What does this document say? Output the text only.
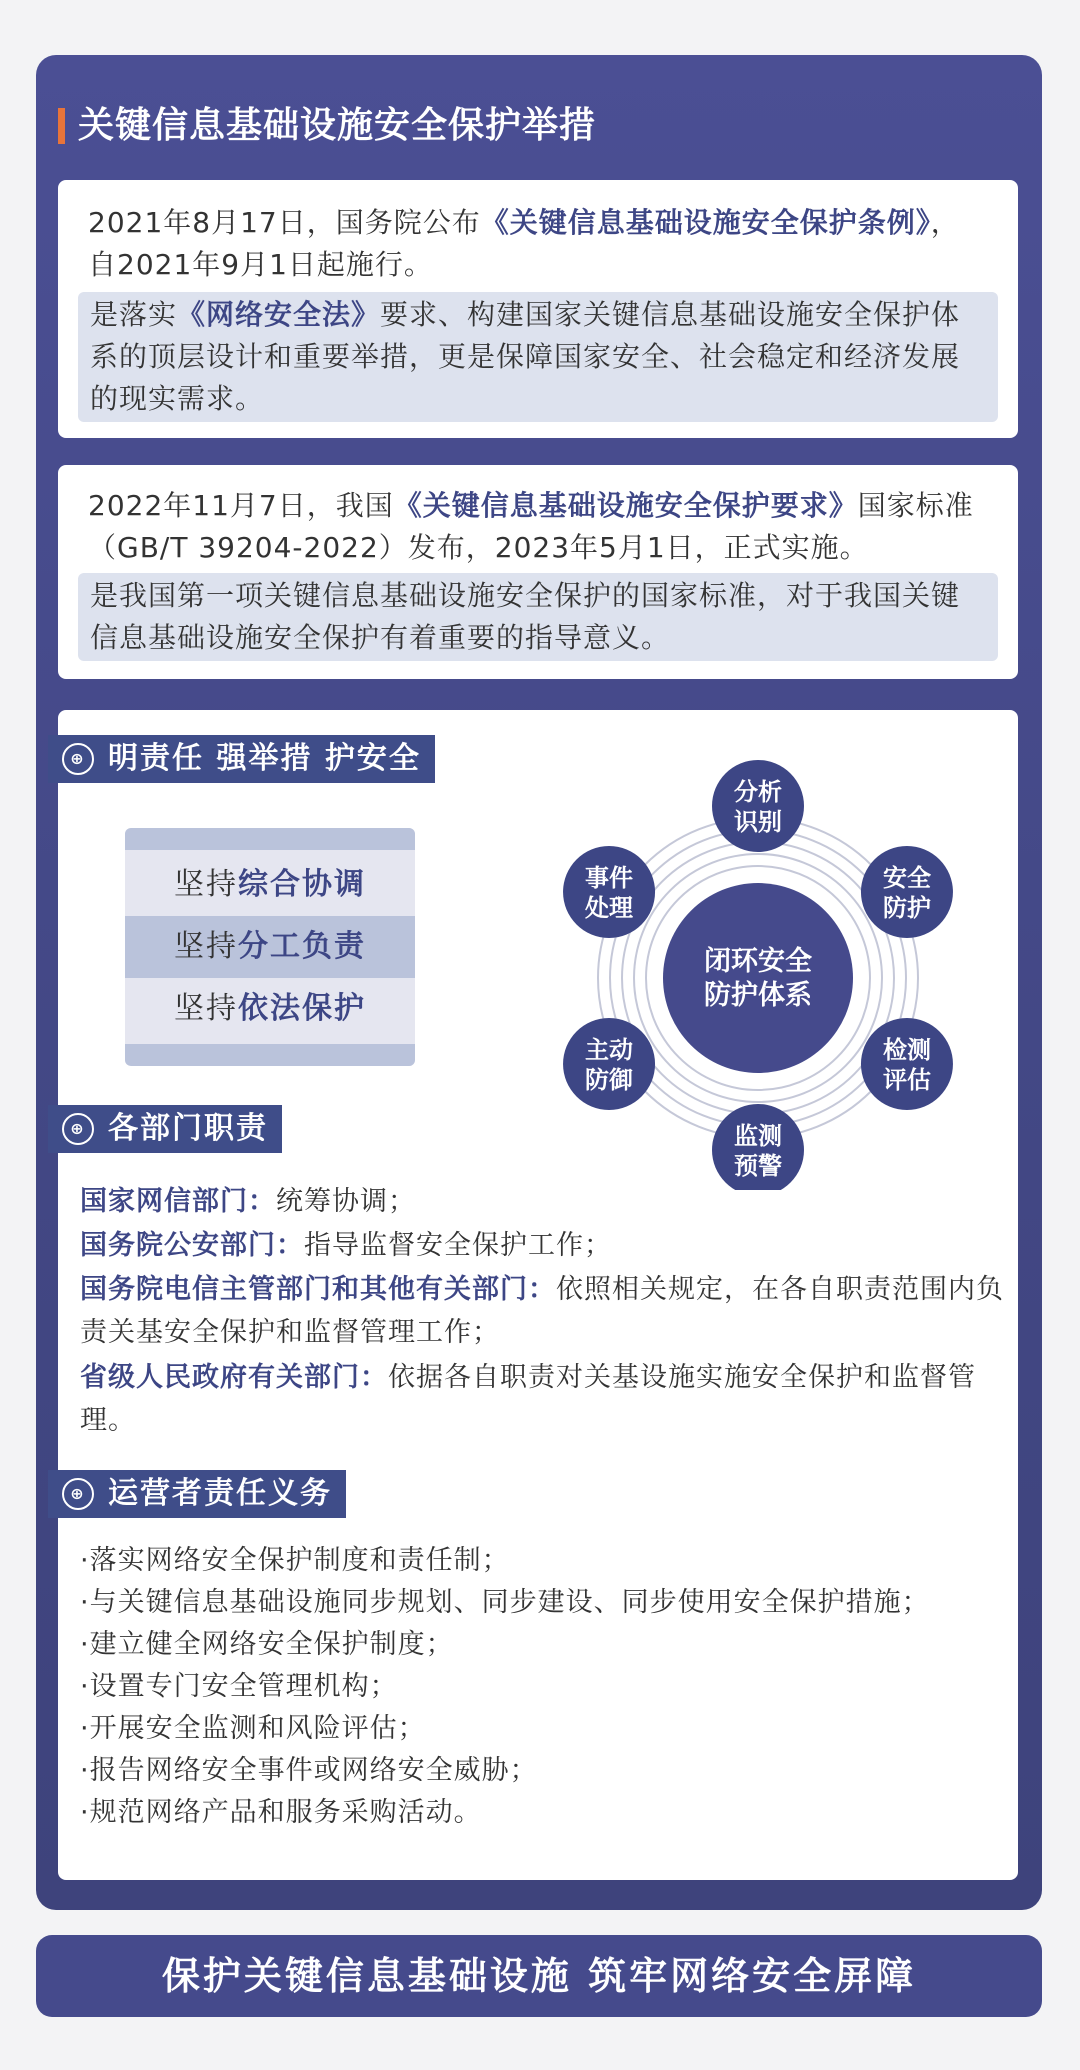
关键信息基础设施安全保护举措
2021年8月17日，国务院公布《关键信息基础设施安全保护条例》，自2021年9月1日起施行。
是落实《网络安全法》要求、构建国家关键信息基础设施安全保护体系的顶层设计和重要举措，更是保障国家安全、社会稳定和经济发展的现实需求。
2022年11月7日，我国《关键信息基础设施安全保护要求》国家标准（GB/T 39204-2022）发布，2023年5月1日，正式实施。
是我国第一项关键信息基础设施安全保护的国家标准，对于我国关键信息基础设施安全保护有着重要的指导意义。
⊕ 明责任 强举措 护安全
坚持综合协调
坚持分工负责
坚持依法保护
闭环安全
防护体系
分析
识别
安全
防护
检测
评估
监测
预警
主动
防御
事件
处理
⊕ 各部门职责
国家网信部门：统筹协调；
国务院公安部门：指导监督安全保护工作；
国务院电信主管部门和其他有关部门：依照相关规定，在各自职责范围内负责关基安全保护和监督管理工作；
省级人民政府有关部门：依据各自职责对关基设施实施安全保护和监督管理。
⊕ 运营者责任义务
·落实网络安全保护制度和责任制；
·与关键信息基础设施同步规划、同步建设、同步使用安全保护措施；
·建立健全网络安全保护制度；
·设置专门安全管理机构；
·开展安全监测和风险评估；
·报告网络安全事件或网络安全威胁；
·规范网络产品和服务采购活动。
保护关键信息基础设施 筑牢网络安全屏障
